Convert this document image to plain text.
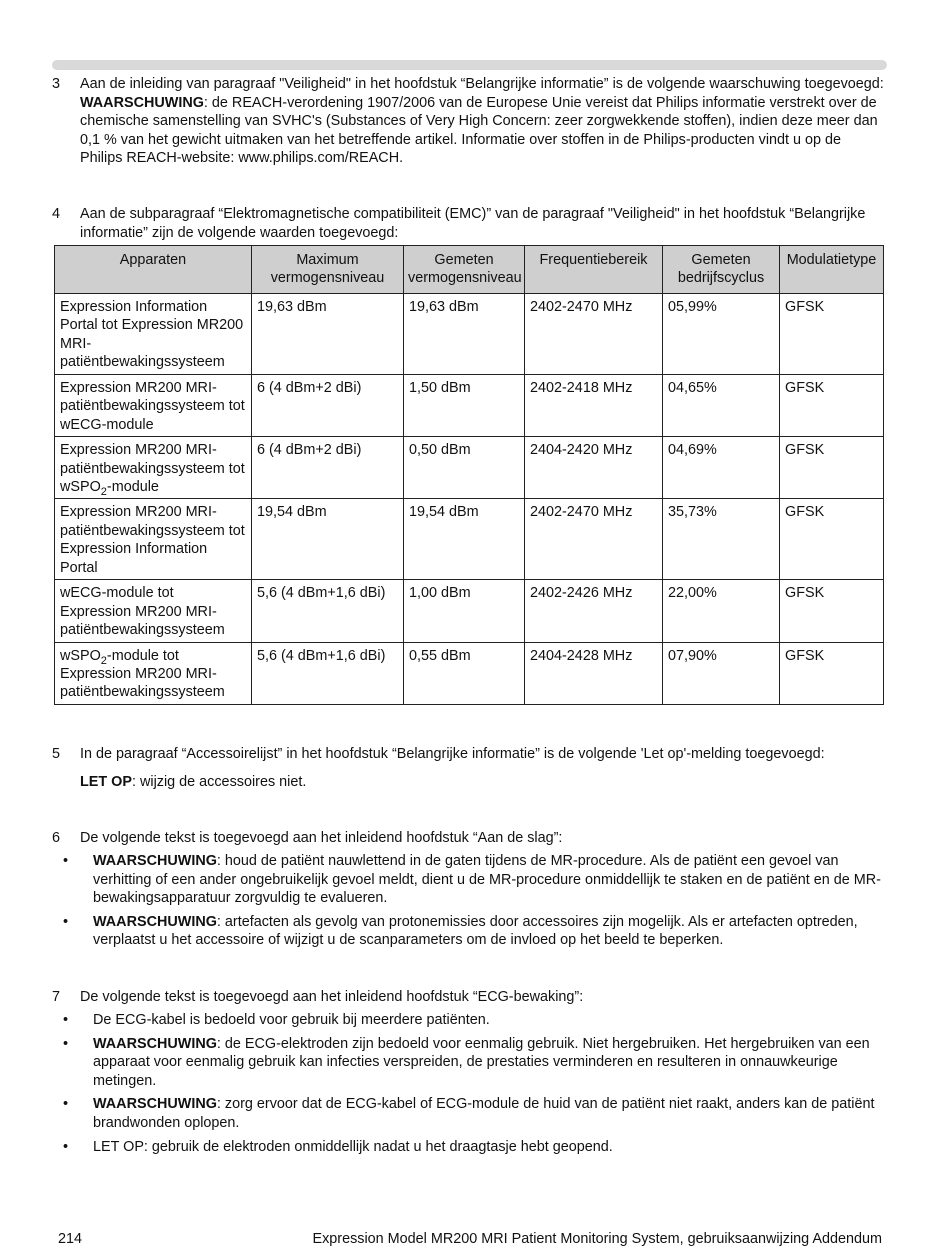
3	Aan de inleiding van paragraaf "Veiligheid" in het hoofdstuk “Belangrijke informatie” is de volgende waarschuwing toegevoegd:
WAARSCHUWING: de REACH-verordening 1907/2006 van de Europese Unie vereist dat Philips informatie verstrekt over de chemische samenstelling van SVHC's (Substances of Very High Concern: zeer zorgwekkende stoffen), indien deze meer dan 0,1 % van het gewicht uitmaken van het betreffende artikel. Informatie over stoffen in de Philips-producten vindt u op de Philips REACH-website: www.philips.com/REACH.
4	Aan de subparagraaf “Elektromagnetische compatibiliteit (EMC)” van de paragraaf "Veiligheid" in het hoofdstuk “Belangrijke informatie” zijn de volgende waarden toegevoegd:
Apparaten	Maximum vermogensniveau	Gemeten vermogensniveau	Frequentiebereik	Gemeten bedrijfscyclus	Modulatietype
Expression Information Portal tot Expression MR200 MRI-patiëntbewakingssysteem	19,63 dBm	19,63 dBm	2402-2470 MHz	05,99%	GFSK
Expression MR200 MRI-patiëntbewakingssysteem tot wECG-module	6 (4 dBm+2 dBi)	1,50 dBm	2402-2418 MHz	04,65%	GFSK
Expression MR200 MRI-patiëntbewakingssysteem tot wSPO$_2$-module	6 (4 dBm+2 dBi)	0,50 dBm	2404-2420 MHz	04,69%	GFSK
Expression MR200 MRI-patiëntbewakingssysteem tot Expression Information Portal	19,54 dBm	19,54 dBm	2402-2470 MHz	35,73%	GFSK
wECG-module tot Expression MR200 MRI-patiëntbewakingssysteem	5,6 (4 dBm+1,6 dBi)	1,00 dBm	2402-2426 MHz	22,00%	GFSK
wSPO$_2$-module tot Expression MR200 MRI-patiëntbewakingssysteem	5,6 (4 dBm+1,6 dBi)	0,55 dBm	2404-2428 MHz	07,90%	GFSK
5	In de paragraaf “Accessoirelijst” in het hoofdstuk “Belangrijke informatie” is de volgende 'Let op'-melding toegevoegd:
LET OP: wijzig de accessoires niet.
6	De volgende tekst is toegevoegd aan het inleidend hoofdstuk “Aan de slag”:
• WAARSCHUWING: houd de patiënt nauwlettend in de gaten tijdens de MR-procedure. Als de patiënt een gevoel van verhitting of een ander ongebruikelijk gevoel meldt, dient u de MR-procedure onmiddellijk te staken en de patiënt en de MR-bewakingsapparatuur zorgvuldig te evalueren.
• WAARSCHUWING: artefacten als gevolg van protonemissies door accessoires zijn mogelijk. Als er artefacten optreden, verplaatst u het accessoire of wijzigt u de scanparameters om de invloed op het beeld te beperken.
7	De volgende tekst is toegevoegd aan het inleidend hoofdstuk “ECG-bewaking”:
• De ECG-kabel is bedoeld voor gebruik bij meerdere patiënten.
• WAARSCHUWING: de ECG-elektroden zijn bedoeld voor eenmalig gebruik. Niet hergebruiken. Het hergebruiken van een apparaat voor eenmalig gebruik kan infecties verspreiden, de prestaties verminderen en resulteren in onnauwkeurige metingen.
• WAARSCHUWING: zorg ervoor dat de ECG-kabel of ECG-module de huid van de patiënt niet raakt, anders kan de patiënt brandwonden oplopen.
• LET OP: gebruik de elektroden onmiddellijk nadat u het draagtasje hebt geopend.
214	Expression Model MR200 MRI Patient Monitoring System, gebruiksaanwijzing Addendum
